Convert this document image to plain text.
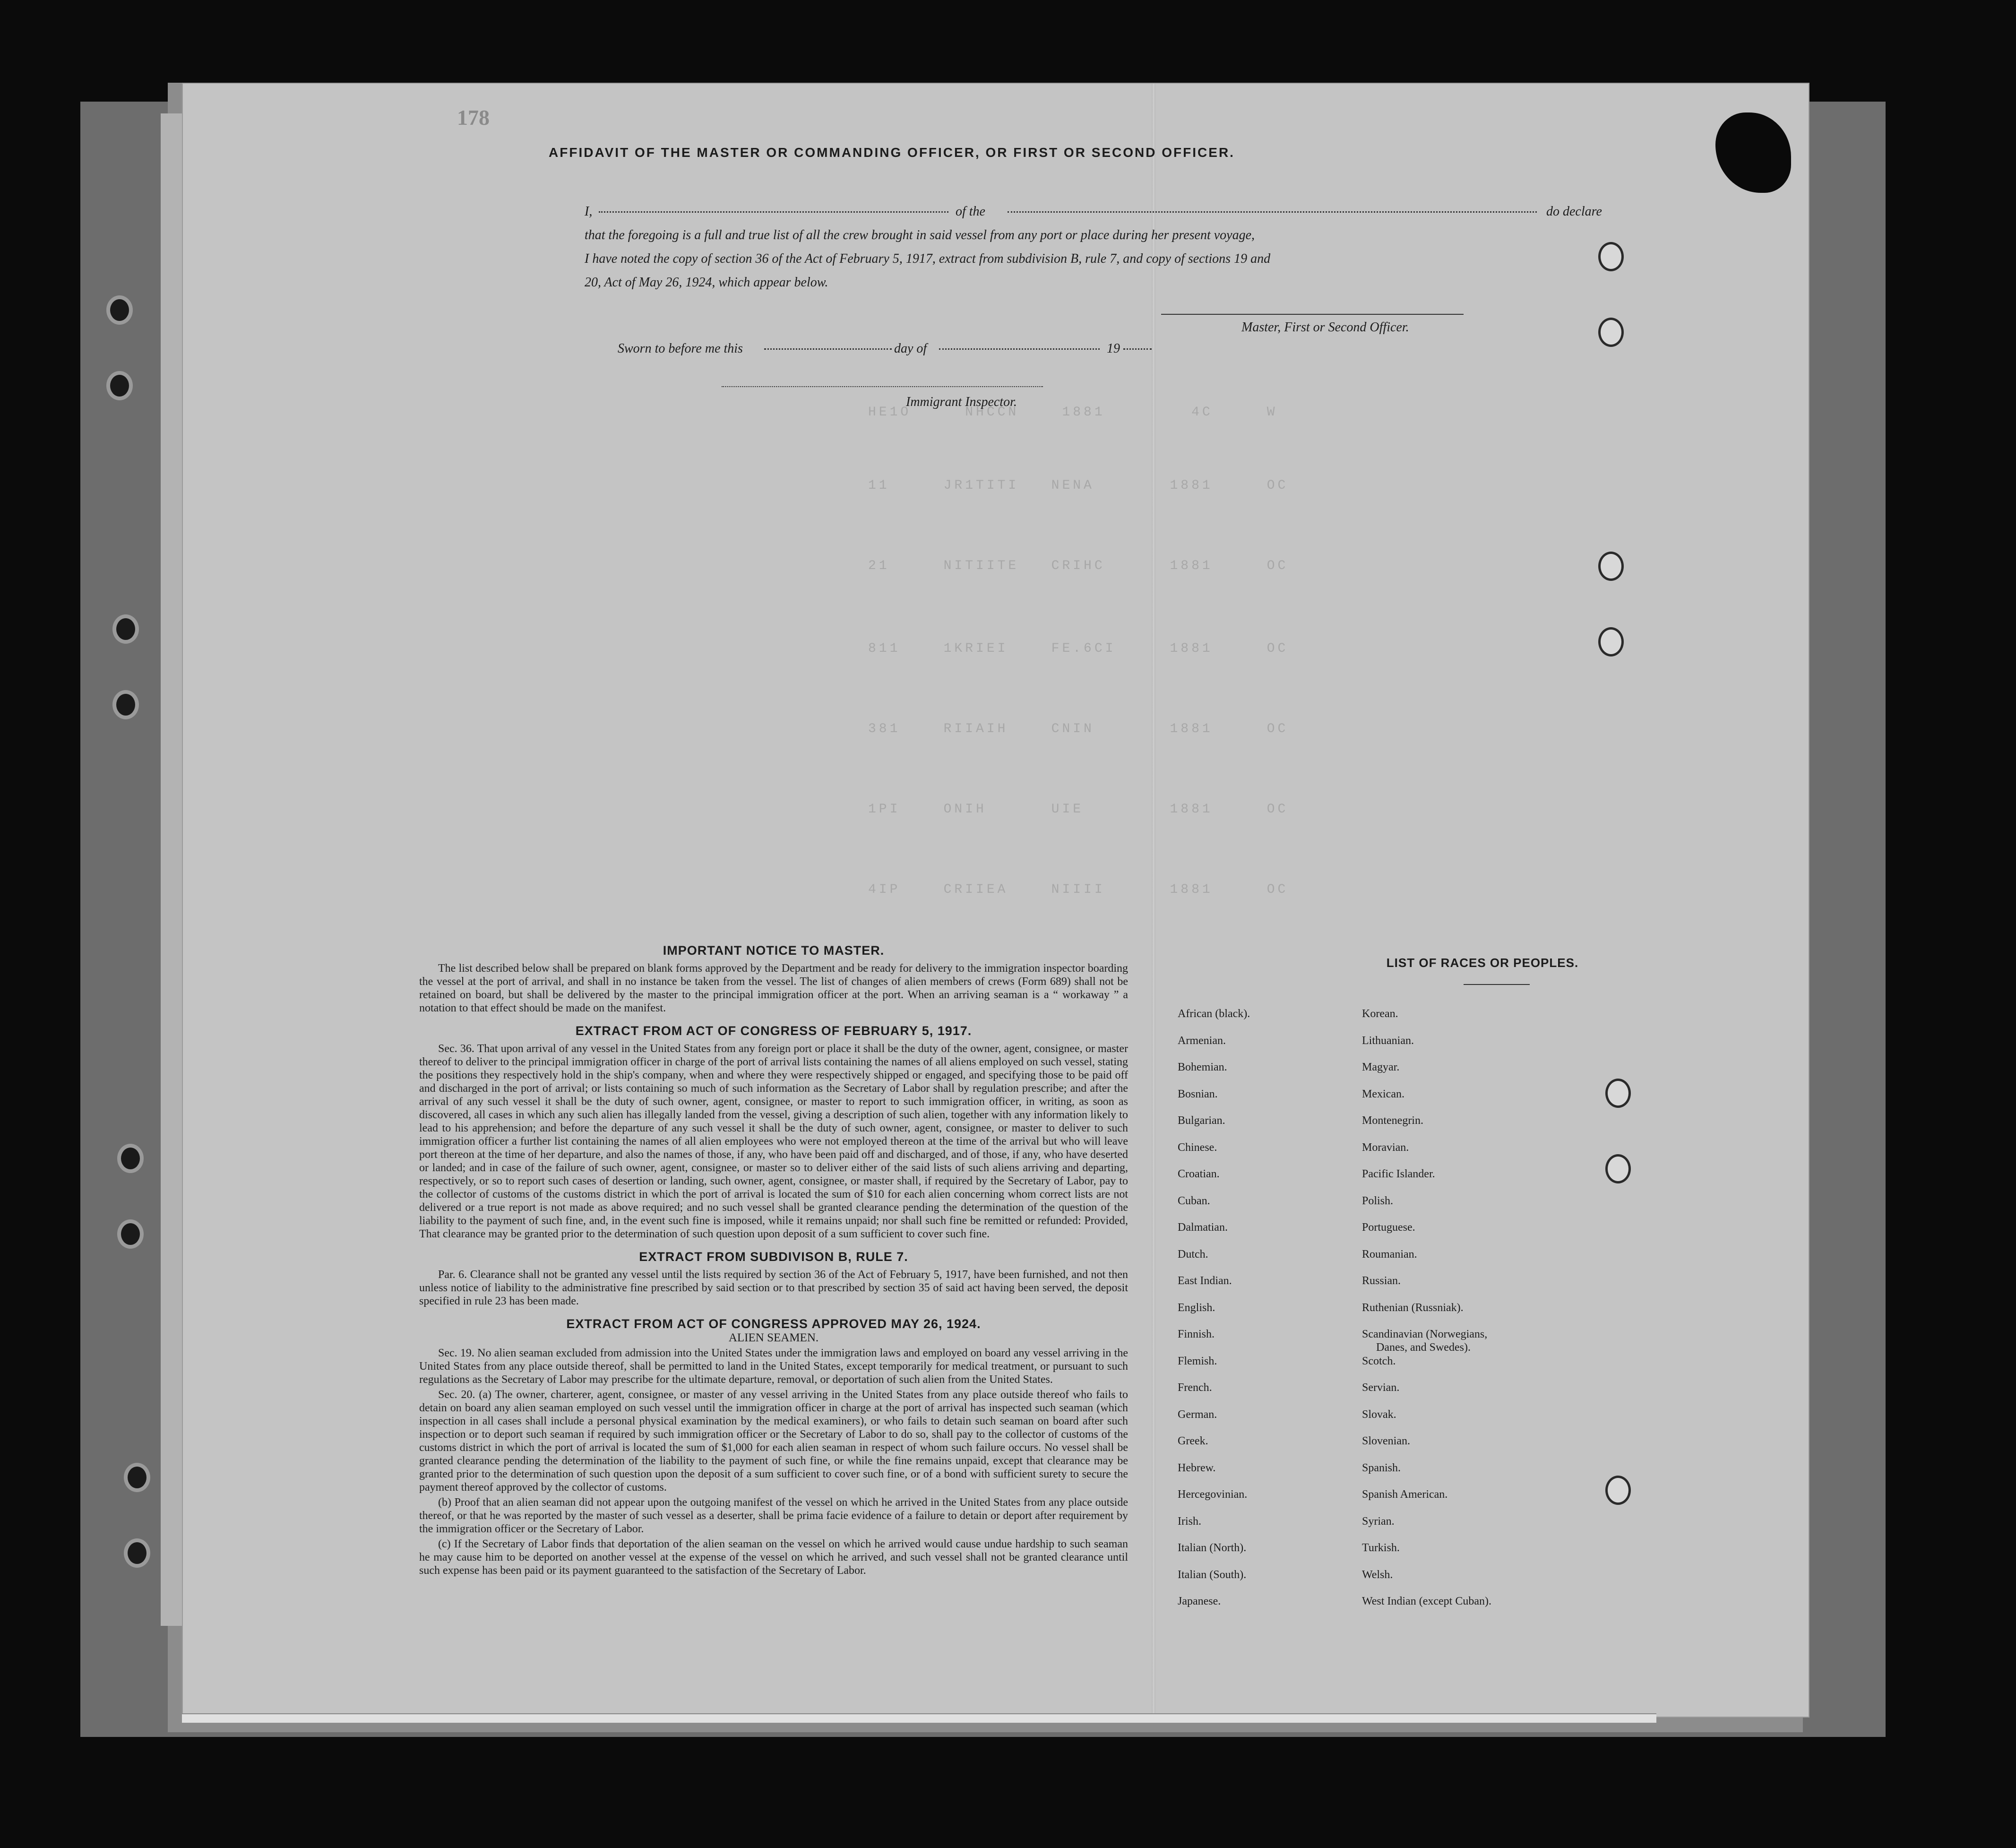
HE1O     NHCCN    1881        4C     W
11     JR1TITI   NENA       1881     OC
21     NITIITE   CRIHC      1881     OC
811    1KRIEI    FE.6CI     1881     OC
381    RIIAIH    CNIN       1881     OC
1PI    ONIH      UIE        1881     OC
4IP    CRIIEA    NIIII      1881     OC
178
AFFIDAVIT OF THE MASTER OR COMMANDING OFFICER, OR FIRST OR SECOND OFFICER.
I,	of the	do declare
that the foregoing is a full and true list of all the crew brought in said vessel from any port or place during her present voyage,
I have noted the copy of section 36 of the Act of February 5, 1917, extract from subdivision B, rule 7, and copy of sections 19 and
20, Act of May 26, 1924, which appear below.
Master, First or Second Officer.
Sworn to before me this	day of	19
Immigrant Inspector.
IMPORTANT NOTICE TO MASTER.

The list described below shall be prepared on blank forms approved by the Department and be ready for delivery to the immigration inspector boarding the vessel at the port of arrival, and shall in no instance be taken from the vessel. The list of changes of alien members of crews (Form 689) shall not be retained on board, but shall be delivered by the master to the principal immigration officer at the port. When an arriving seaman is a “ workaway ” a notation to that effect should be made on the manifest.

EXTRACT FROM ACT OF CONGRESS OF FEBRUARY 5, 1917.

Sec. 36. That upon arrival of any vessel in the United States from any foreign port or place it shall be the duty of the owner, agent, consignee, or master thereof to deliver to the principal immigration officer in charge of the port of arrival lists containing the names of all aliens employed on such vessel, stating the positions they respectively hold in the ship's company, when and where they were respectively shipped or engaged, and specifying those to be paid off and discharged in the port of arrival; or lists containing so much of such information as the Secretary of Labor shall by regulation prescribe; and after the arrival of any such vessel it shall be the duty of such owner, agent, consignee, or master to report to such immigration officer, in writing, as soon as discovered, all cases in which any such alien has illegally landed from the vessel, giving a description of such alien, together with any information likely to lead to his apprehension; and before the departure of any such vessel it shall be the duty of such owner, agent, consignee, or master to deliver to such immigration officer a further list containing the names of all alien employees who were not employed thereon at the time of the arrival but who will leave port thereon at the time of her departure, and also the names of those, if any, who have been paid off and discharged, and of those, if any, who have deserted or landed; and in case of the failure of such owner, agent, consignee, or master so to deliver either of the said lists of such aliens arriving and departing, respectively, or so to report such cases of desertion or landing, such owner, agent, consignee, or master shall, if required by the Secretary of Labor, pay to the collector of customs of the customs district in which the port of arrival is located the sum of $10 for each alien concerning whom correct lists are not delivered or a true report is not made as above required; and no such vessel shall be granted clearance pending the determination of the question of the liability to the payment of such fine, and, in the event such fine is imposed, while it remains unpaid; nor shall such fine be remitted or refunded: Provided, That clearance may be granted prior to the determination of such question upon deposit of a sum sufficient to cover such fine.

EXTRACT FROM SUBDIVISON B, RULE 7.

Par. 6. Clearance shall not be granted any vessel until the lists required by section 36 of the Act of February 5, 1917, have been furnished, and not then unless notice of liability to the administrative fine prescribed by said section or to that prescribed by section 35 of said act having been served, the deposit specified in rule 23 has been made.

EXTRACT FROM ACT OF CONGRESS APPROVED MAY 26, 1924.
ALIEN SEAMEN.

Sec. 19. No alien seaman excluded from admission into the United States under the immigration laws and employed on board any vessel arriving in the United States from any place outside thereof, shall be permitted to land in the United States, except temporarily for medical treatment, or pursuant to such regulations as the Secretary of Labor may prescribe for the ultimate departure, removal, or deportation of such alien from the United States.

Sec. 20. (a) The owner, charterer, agent, consignee, or master of any vessel arriving in the United States from any place outside thereof who fails to detain on board any alien seaman employed on such vessel until the immigration officer in charge at the port of arrival has inspected such seaman (which inspection in all cases shall include a personal physical examination by the medical examiners), or who fails to detain such seaman on board after such inspection or to deport such seaman if required by such immigration officer or the Secretary of Labor to do so, shall pay to the collector of customs of the customs district in which the port of arrival is located the sum of $1,000 for each alien seaman in respect of whom such failure occurs. No vessel shall be granted clearance pending the determination of the liability to the payment of such fine, or while the fine remains unpaid, except that clearance may be granted prior to the determination of such question upon the deposit of a sum sufficient to cover such fine, or of a bond with sufficient surety to secure the payment thereof approved by the collector of customs.

(b) Proof that an alien seaman did not appear upon the outgoing manifest of the vessel on which he arrived in the United States from any place outside thereof, or that he was reported by the master of such vessel as a deserter, shall be prima facie evidence of a failure to detain or deport after requirement by the immigration officer or the Secretary of Labor.

(c) If the Secretary of Labor finds that deportation of the alien seaman on the vessel on which he arrived would cause undue hardship to such seaman he may cause him to be deported on another vessel at the expense of the vessel on which he arrived, and such vessel shall not be granted clearance until such expense has been paid or its payment guaranteed to the satisfaction of the Secretary of Labor.

LIST OF RACES OR PEOPLES.
African (black).
Armenian.
Bohemian.
Bosnian.
Bulgarian.
Chinese.
Croatian.
Cuban.
Dalmatian.
Dutch.
East Indian.
English.
Finnish.
Flemish.
French.
German.
Greek.
Hebrew.
Hercegovinian.
Irish.
Italian (North).
Italian (South).
Japanese.
Korean.
Lithuanian.
Magyar.
Mexican.
Montenegrin.
Moravian.
Pacific Islander.
Polish.
Portuguese.
Roumanian.
Russian.
Ruthenian (Russniak).
Scandinavian (Norwegians,
Danes, and Swedes).
Scotch.
Servian.
Slovak.
Slovenian.
Spanish.
Spanish American.
Syrian.
Turkish.
Welsh.
West Indian (except Cuban).
